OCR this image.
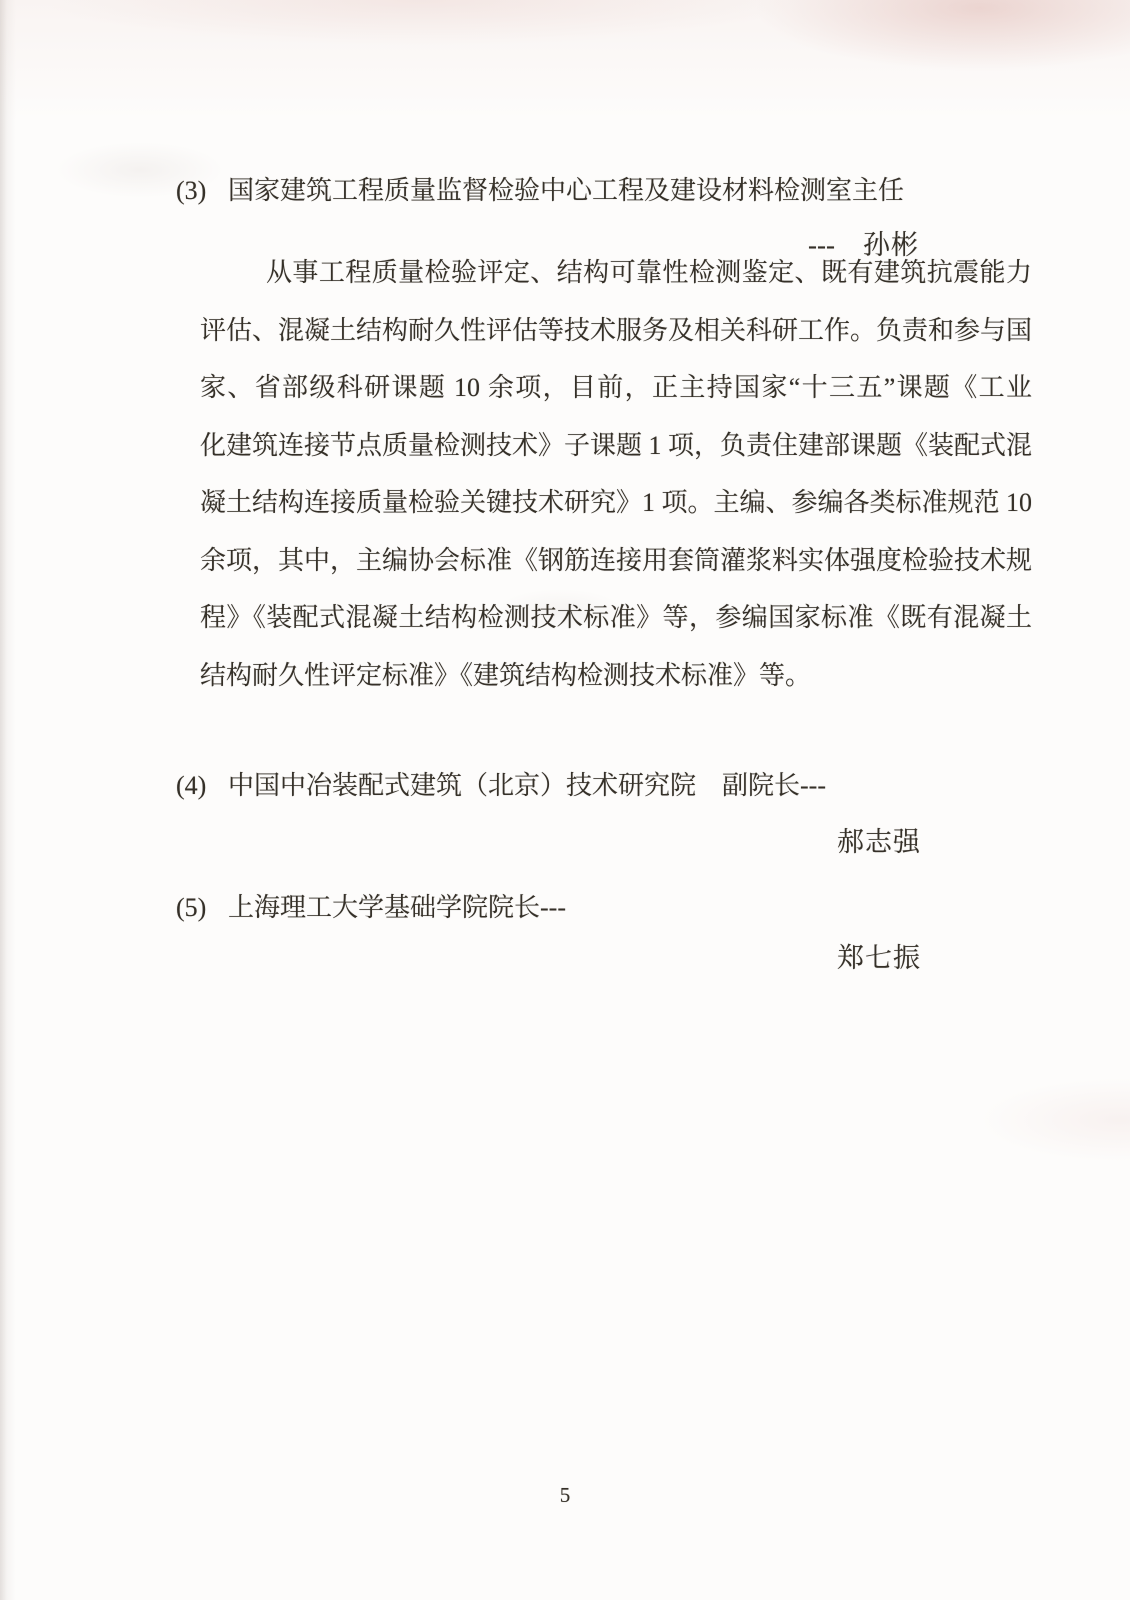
(3) 国家建筑工程质量监督检验中心工程及建设材料检测室主任

--- 孙彬

从事工程质量检验评定、结构可靠性检测鉴定、既有建筑抗震能力
评估、混凝土结构耐久性评估等技术服务及相关科研工作。负责和参与国
家、省部级科研课题 10 余项，目前，正主持国家“十三五”课题《工业
化建筑连接节点质量检测技术》子课题 1 项，负责住建部课题《装配式混
凝土结构连接质量检验关键技术研究》1 项。主编、参编各类标准规范 10
余项，其中，主编协会标准《钢筋连接用套筒灌浆料实体强度检验技术规
程》《装配式混凝土结构检测技术标准》等，参编国家标准《既有混凝土
结构耐久性评定标准》《建筑结构检测技术标准》等。

(4) 中国中冶装配式建筑（北京）技术研究院　副院长---

郝志强

(5) 上海理工大学基础学院院长---

郑七振

5
